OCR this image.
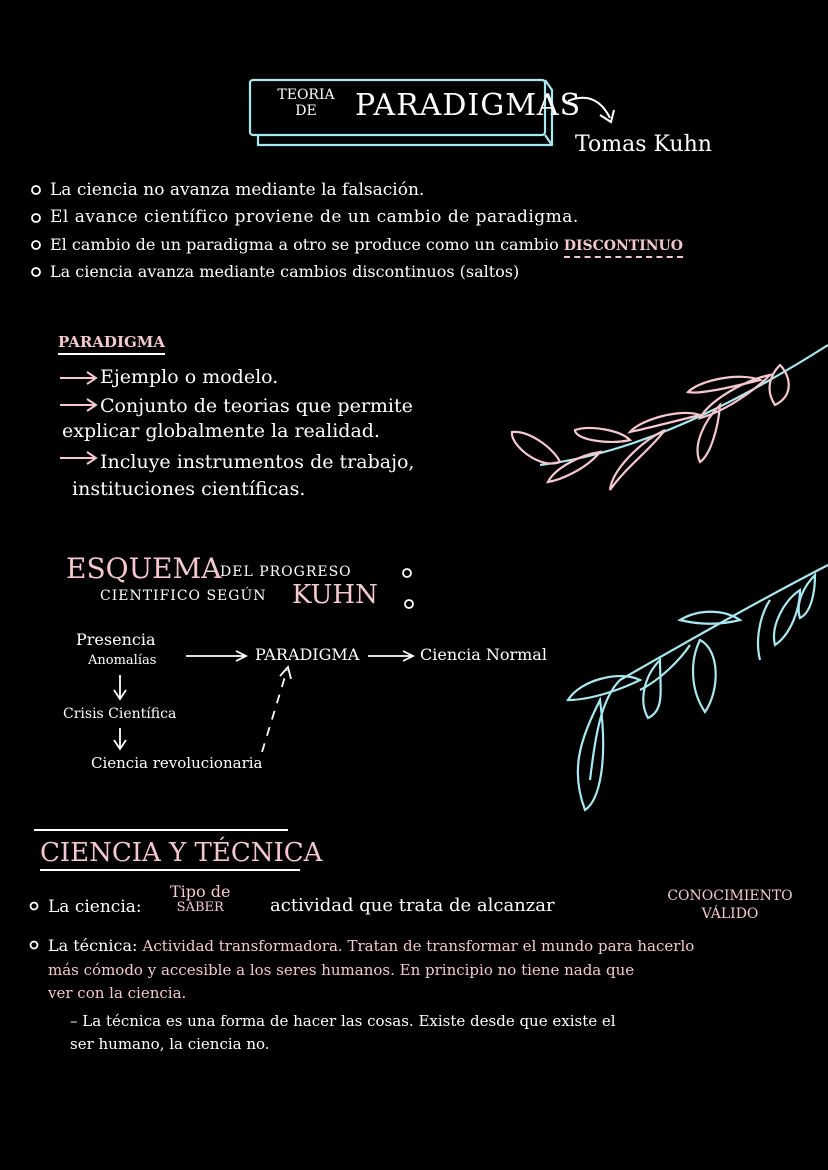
TEORIA
DE	PARADIGMAS
Tomas Kuhn
La ciencia no avanza mediante la falsación.
El avance científico proviene de un cambio de paradigma.
El cambio de un paradigma a otro se produce como un cambio DISCONTINUO
La ciencia avanza mediante cambios discontinuos (saltos)
PARADIGMA
Ejemplo o modelo.
Conjunto de teorias que permite
explicar globalmente la realidad.
Incluye instrumentos de trabajo,
instituciones científicas.
ESQUEMA
DEL PROGRESO
CIENTIFICO SEGÚN KUHN
Presencia
Anomalías	PARADIGMA	Ciencia Normal
Crisis Científica
Ciencia revolucionaria
CIENCIA Y TÉCNICA
La ciencia:
Tipo de
SABER	actividad que trata de alcanzar	CONOCIMIENTO
VÁLIDO
La técnica: Actividad transformadora. Tratan de transformar el mundo para hacerlo
más cómodo y accesible a los seres humanos. En principio no tiene nada que
ver con la ciencia.
– La técnica es una forma de hacer las cosas. Existe desde que existe el
ser humano, la ciencia no.
